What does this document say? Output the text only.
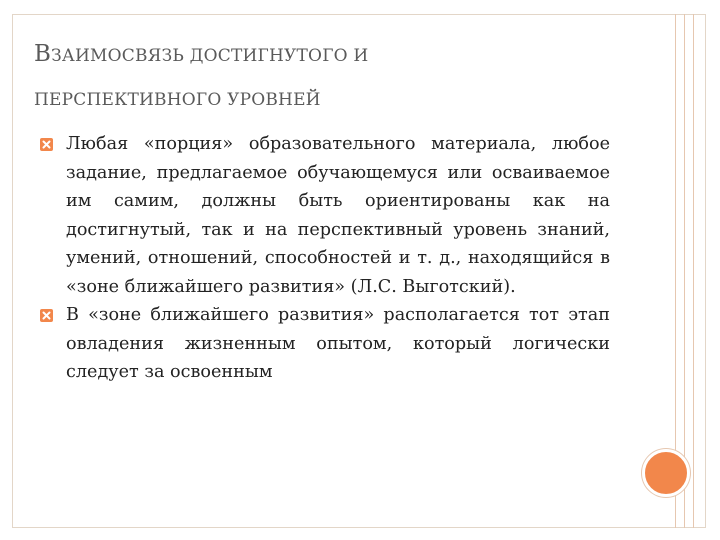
ВЗАИМОСВЯЗЬ ДОСТИГНУТОГО И
ПЕРСПЕКТИВНОГО УРОВНЕЙ
Любая «порция» образовательного материала, любое задание, предлагаемое обучающемуся или осваиваемое им самим, должны быть ориентированы как на достигнутый, так и на перспективный уровень знаний, умений, отношений, способностей и т. д., находящийся в «зоне ближайшего развития» (Л.С. Выготский).
В «зоне ближайшего развития» располагается тот этап овладения жизненным опытом, который логически следует за освоенным
